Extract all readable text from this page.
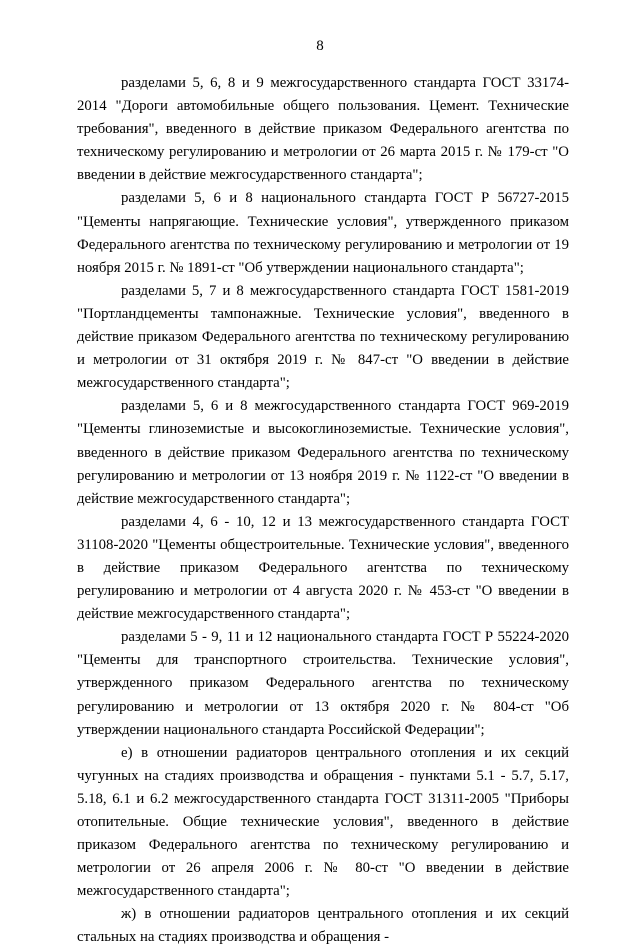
8

разделами 5, 6, 8 и 9 межгосударственного стандарта ГОСТ 33174-2014 "Дороги автомобильные общего пользования. Цемент. Технические требования", введенного в действие приказом Федерального агентства по техническому регулированию и метрологии от 26 марта 2015 г. № 179-ст "О введении в действие межгосударственного стандарта";

разделами 5, 6 и 8 национального стандарта ГОСТ Р 56727-2015 "Цементы напрягающие. Технические условия", утвержденного приказом Федерального агентства по техническому регулированию и метрологии от 19 ноября 2015 г. № 1891-ст "Об утверждении национального стандарта";

разделами 5, 7 и 8 межгосударственного стандарта ГОСТ 1581-2019 "Портландцементы тампонажные. Технические условия", введенного в действие приказом Федерального агентства по техническому регулированию и метрологии от 31 октября 2019 г. № 847-ст "О введении в действие межгосударственного стандарта";

разделами 5, 6 и 8 межгосударственного стандарта ГОСТ 969-2019 "Цементы глиноземистые и высокоглиноземистые. Технические условия", введенного в действие приказом Федерального агентства по техническому регулированию и метрологии от 13 ноября 2019 г. № 1122-ст "О введении в действие межгосударственного стандарта";

разделами 4, 6 - 10, 12 и 13 межгосударственного стандарта ГОСТ 31108-2020 "Цементы общестроительные. Технические условия", введенного в действие приказом Федерального агентства по техническому регулированию и метрологии от 4 августа 2020 г. № 453-ст "О введении в действие межгосударственного стандарта";

разделами 5 - 9, 11 и 12 национального стандарта ГОСТ Р 55224-2020 "Цементы для транспортного строительства. Технические условия", утвержденного приказом Федерального агентства по техническому регулированию и метрологии от 13 октября 2020 г. № 804-ст "Об утверждении национального стандарта Российской Федерации";

е) в отношении радиаторов центрального отопления и их секций чугунных на стадиях производства и обращения - пунктами 5.1 - 5.7, 5.17, 5.18, 6.1 и 6.2 межгосударственного стандарта ГОСТ 31311-2005 "Приборы отопительные. Общие технические условия", введенного в действие приказом Федерального агентства по техническому регулированию и метрологии от 26 апреля 2006 г. № 80-ст "О введении в действие межгосударственного стандарта";

ж) в отношении радиаторов центрального отопления и их секций стальных на стадиях производства и обращения -
